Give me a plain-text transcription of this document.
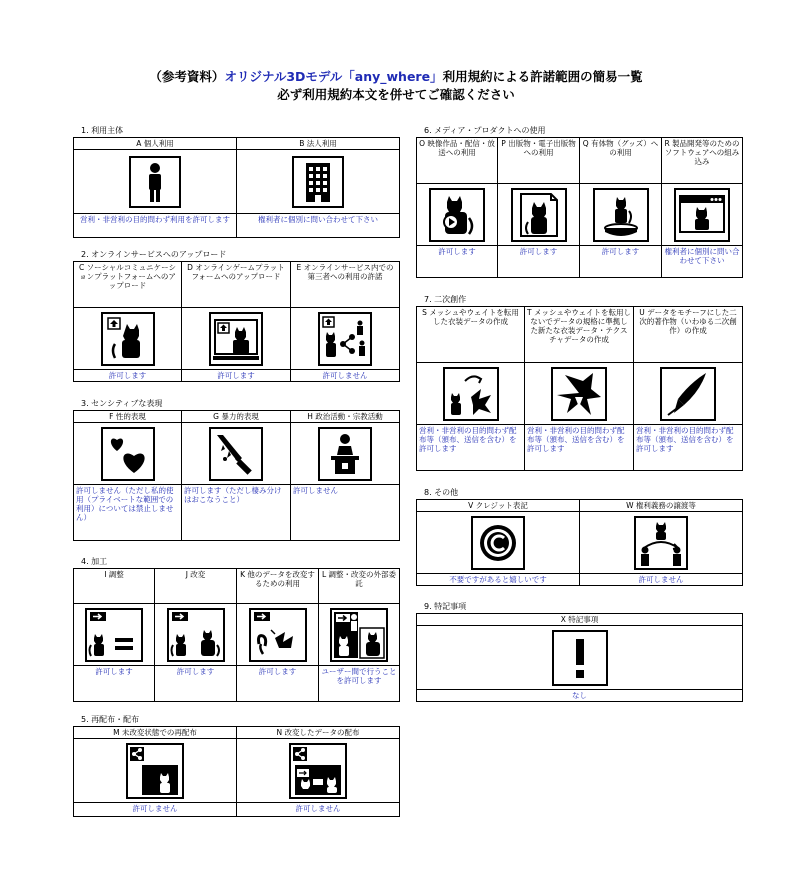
（参考資料）オリジナル3Dモデル「any_where」利用規約による許諾範囲の簡易一覧
必ず利用規約本文を併せてご確認ください
1. 利用主体
A 個人利用
営利・非営利の目的問わず利用を許可します
B 法人利用
権利者に個別に問い合わせて下さい
2. オンラインサービスへのアップロード
C ソーシャルコミュニケーションプラットフォームへのアップロード
許可します
D オンラインゲームプラットフォームへのアップロード
許可します
E オンラインサービス内での第三者への利用の許諾
許可しません
3. センシティブな表現
F 性的表現
許可しません（ただし私的使用（プライベートな範囲での利用）については禁止しません）
G 暴力的表現
許可します（ただし棲み分けはおこなうこと）
H 政治活動・宗教活動
許可しません
4. 加工
I 調整
許可します
J 改変
許可します
K 他のデータを改変するための利用
許可します
L 調整・改変の外部委託
ユーザー間で行うことを許可します
5. 再配布・配布
M 未改変状態での再配布
許可しません
N 改変したデータの配布
許可しません
6. メディア・プロダクトへの使用
O 映像作品・配信・放送への利用
許可します
P 出版物・電子出版物への利用
許可します
Q 有体物（グッズ）への利用
許可します
R 製品開発等のためのソフトウェアへの組み込み
権利者に個別に問い合わせて下さい
7. 二次創作
S メッシュやウェイトを転用した衣装データの作成
営利・非営利の目的問わず配布等（頒布、送信を含む）を許可します
T メッシュやウェイトを転用しないでデータの規格に準拠した新たな衣装データ・テクスチャデータの作成
営利・非営利の目的問わず配布等（頒布、送信を含む）を許可します
U データをモチーフにした二次的著作物（いわゆる二次創作）の作成
営利・非営利の目的問わず配布等（頒布、送信を含む）を許可します
8. その他
V クレジット表記
不要ですがあると嬉しいです
W 権利義務の譲渡等
許可しません
9. 特記事項
X 特記事項
なし
